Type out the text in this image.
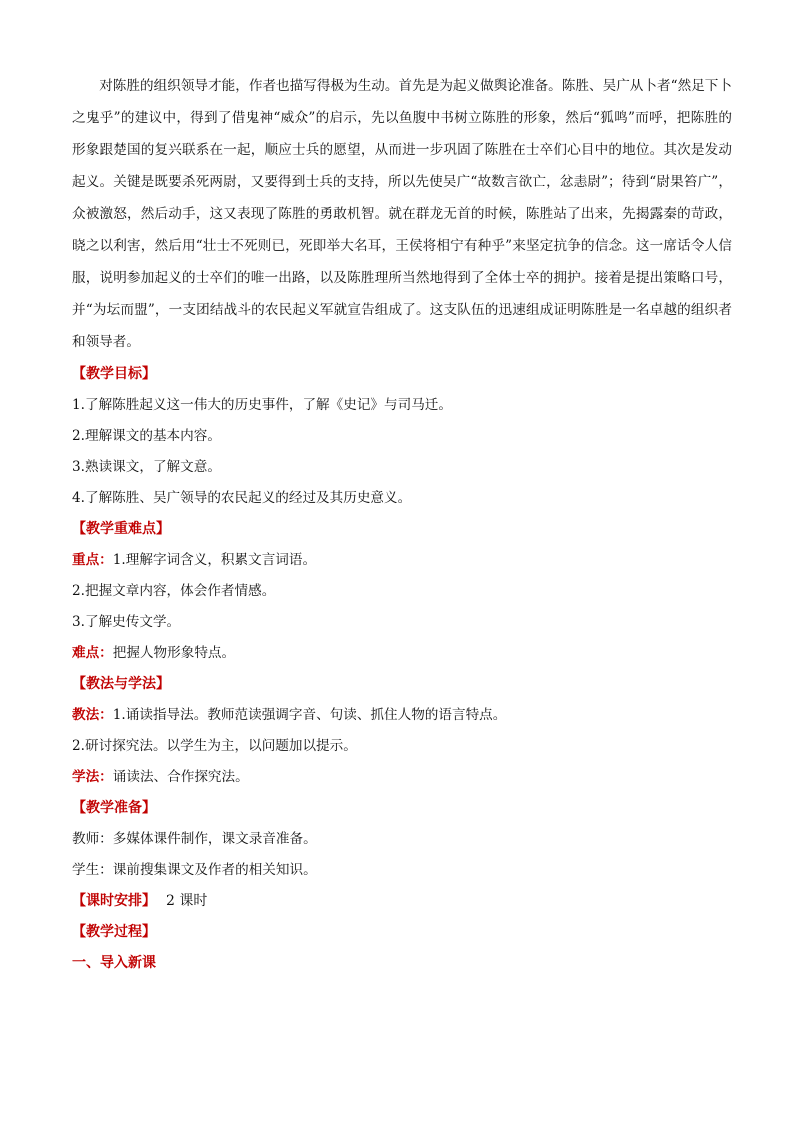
对陈胜的组织领导才能，作者也描写得极为生动。首先是为起义做舆论准备。陈胜、吴广从卜者“然足下卜之鬼乎”的建议中，得到了借鬼神“威众”的启示，先以鱼腹中书树立陈胜的形象，然后“狐鸣”而呼，把陈胜的形象跟楚国的复兴联系在一起，顺应士兵的愿望，从而进一步巩固了陈胜在士卒们心目中的地位。其次是发动起义。关键是既要杀死两尉，又要得到士兵的支持，所以先使吴广“故数言欲亡，忿恚尉”；待到“尉果笞广”，众被激怒，然后动手，这又表现了陈胜的勇敢机智。就在群龙无首的时候，陈胜站了出来，先揭露秦的苛政，晓之以利害，然后用“壮士不死则已，死即举大名耳，王侯将相宁有种乎”来坚定抗争的信念。这一席话令人信服，说明参加起义的士卒们的唯一出路，以及陈胜理所当然地得到了全体士卒的拥护。接着是提出策略口号，并“为坛而盟”，一支团结战斗的农民起义军就宣告组成了。这支队伍的迅速组成证明陈胜是一名卓越的组织者和领导者。

【教学目标】
1.了解陈胜起义这一伟大的历史事件，了解《史记》与司马迁。
2.理解课文的基本内容。
3.熟读课文，了解文意。
4.了解陈胜、吴广领导的农民起义的经过及其历史意义。
【教学重难点】
重点：1.理解字词含义，积累文言词语。
2.把握文章内容，体会作者情感。
3.了解史传文学。
难点：把握人物形象特点。
【教法与学法】
教法：1.诵读指导法。教师范读强调字音、句读、抓住人物的语言特点。
2.研讨探究法。以学生为主，以问题加以提示。
学法：诵读法、合作探究法。
【教学准备】
教师：多媒体课件制作，课文录音准备。
学生：课前搜集课文及作者的相关知识。
【课时安排】 2 课时
【教学过程】
一、导入新课
